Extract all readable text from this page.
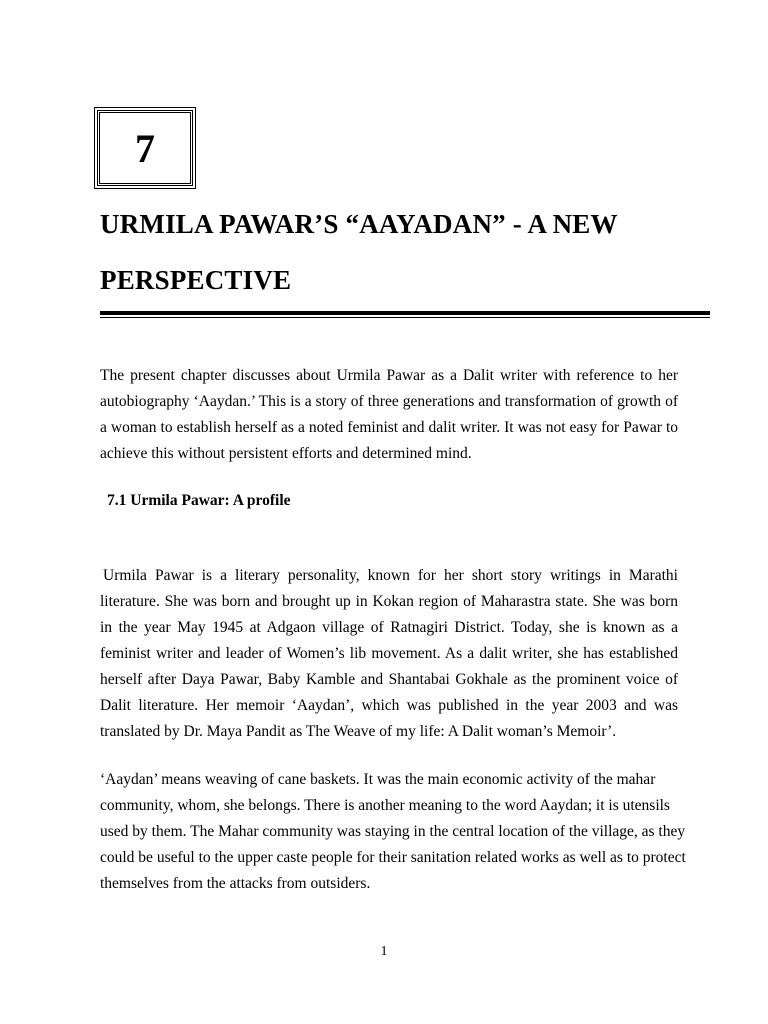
7
URMILA PAWAR’S “AAYADAN” - A NEW PERSPECTIVE

The present chapter discusses about Urmila Pawar as a Dalit writer with reference to her autobiography ‘Aaydan.’ This is a story of three generations and transformation of growth of a woman to establish herself as a noted feminist and dalit writer. It was not easy for Pawar to achieve this without persistent efforts and determined mind.

7.1 Urmila Pawar: A profile

Urmila Pawar is a literary personality, known for her short story writings in Marathi literature. She was born and brought up in Kokan region of Maharastra state. She was born in the year May 1945 at Adgaon village of Ratnagiri District. Today, she is known as a feminist writer and leader of Women’s lib movement. As a dalit writer, she has established herself after Daya Pawar, Baby Kamble and Shantabai Gokhale as the prominent voice of Dalit literature. Her memoir ‘Aaydan’, which was published in the year 2003 and was translated by Dr. Maya Pandit as The Weave of my life: A Dalit woman’s Memoir’.

‘Aaydan’ means weaving of cane baskets. It was the main economic activity of the mahar community, whom, she belongs. There is another meaning to the word Aaydan; it is utensils used by them. The Mahar community was staying in the central location of the village, as they could be useful to the upper caste people for their sanitation related works as well as to protect themselves from the attacks from outsiders.

1
